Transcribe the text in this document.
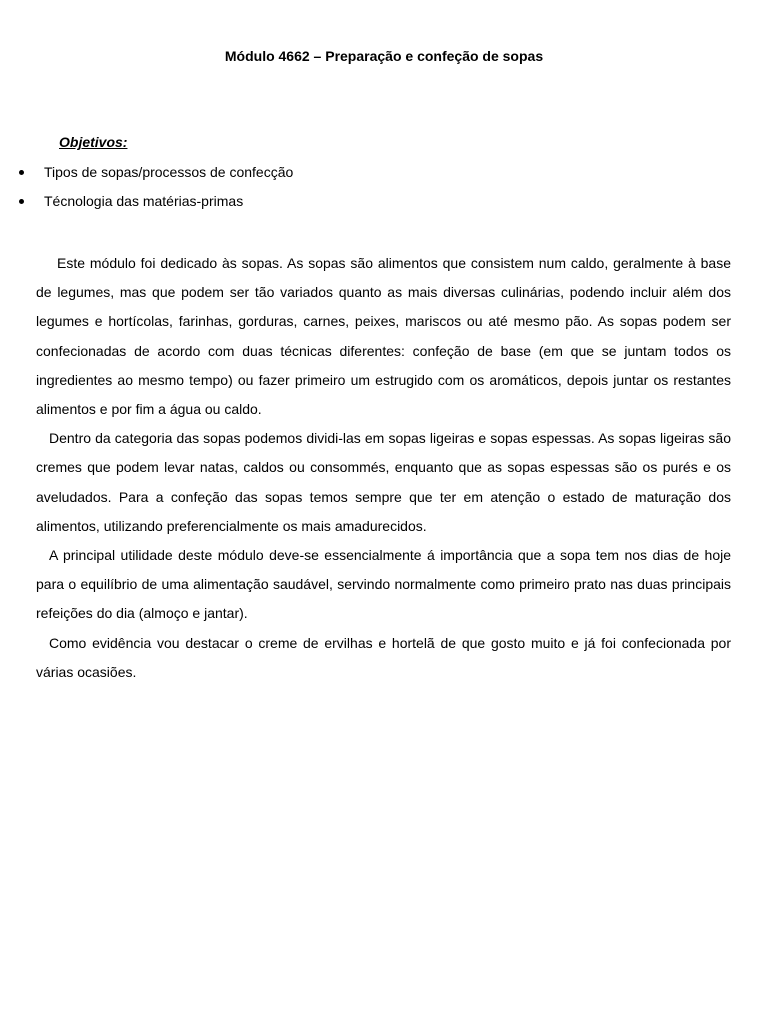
Módulo 4662 – Preparação e confeção de sopas
Objetivos:
Tipos de sopas/processos de confecção
Técnologia das matérias-primas

Este módulo foi dedicado às sopas. As sopas são alimentos que consistem num caldo, geralmente à base de legumes, mas que podem ser tão variados quanto as mais diversas culinárias, podendo incluir além dos legumes e hortícolas, farinhas, gorduras, carnes, peixes, mariscos ou até mesmo pão. As sopas podem ser confecionadas de acordo com duas técnicas diferentes: confeção de base (em que se juntam todos os ingredientes ao mesmo tempo) ou fazer primeiro um estrugido com os aromáticos, depois juntar os restantes alimentos e por fim a água ou caldo.

Dentro da categoria das sopas podemos dividi-las em sopas ligeiras e sopas espessas. As sopas ligeiras são cremes que podem levar natas, caldos ou consommés, enquanto que as sopas espessas são os purés e os aveludados. Para a confeção das sopas temos sempre que ter em atenção o estado de maturação dos alimentos, utilizando preferencialmente os mais amadurecidos.

A principal utilidade deste módulo deve-se essencialmente á importância que a sopa tem nos dias de hoje para o equilíbrio de uma alimentação saudável, servindo normalmente como primeiro prato nas duas principais refeições do dia (almoço e jantar).

Como evidência vou destacar o creme de ervilhas e hortelã de que gosto muito e já foi confecionada por várias ocasiões.
